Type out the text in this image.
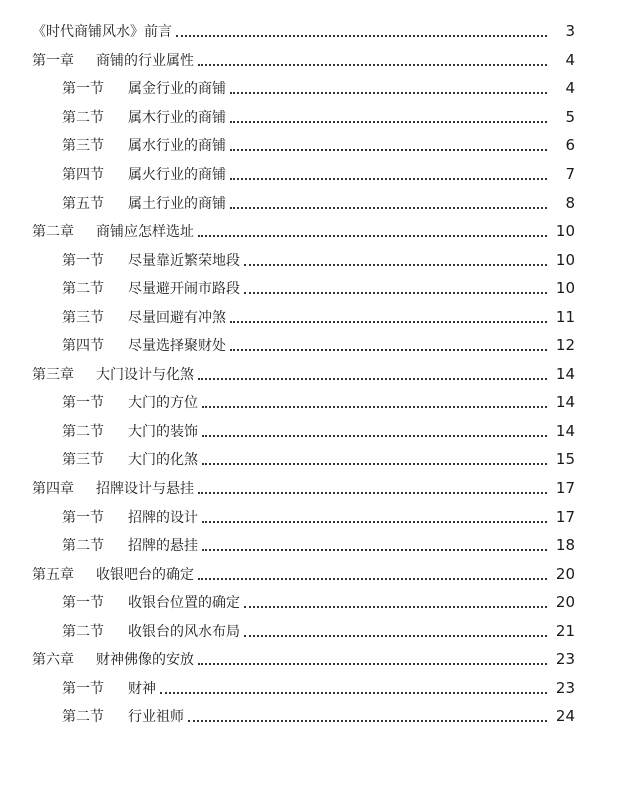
《时代商铺风水》前言	3
第一章	商铺的行业属性	4
第一节	属金行业的商铺	4
第二节	属木行业的商铺	5
第三节	属水行业的商铺	6
第四节	属火行业的商铺	7
第五节	属土行业的商铺	8
第二章	商铺应怎样选址	10
第一节	尽量靠近繁荣地段	10
第二节	尽量避开闹市路段	10
第三节	尽量回避有冲煞	11
第四节	尽量选择聚财处	12
第三章	大门设计与化煞	14
第一节	大门的方位	14
第二节	大门的装饰	14
第三节	大门的化煞	15
第四章	招牌设计与悬挂	17
第一节	招牌的设计	17
第二节	招牌的悬挂	18
第五章	收银吧台的确定	20
第一节	收银台位置的确定	20
第二节	收银台的风水布局	21
第六章	财神佛像的安放	23
第一节	财神	23
第二节	行业祖师	24
